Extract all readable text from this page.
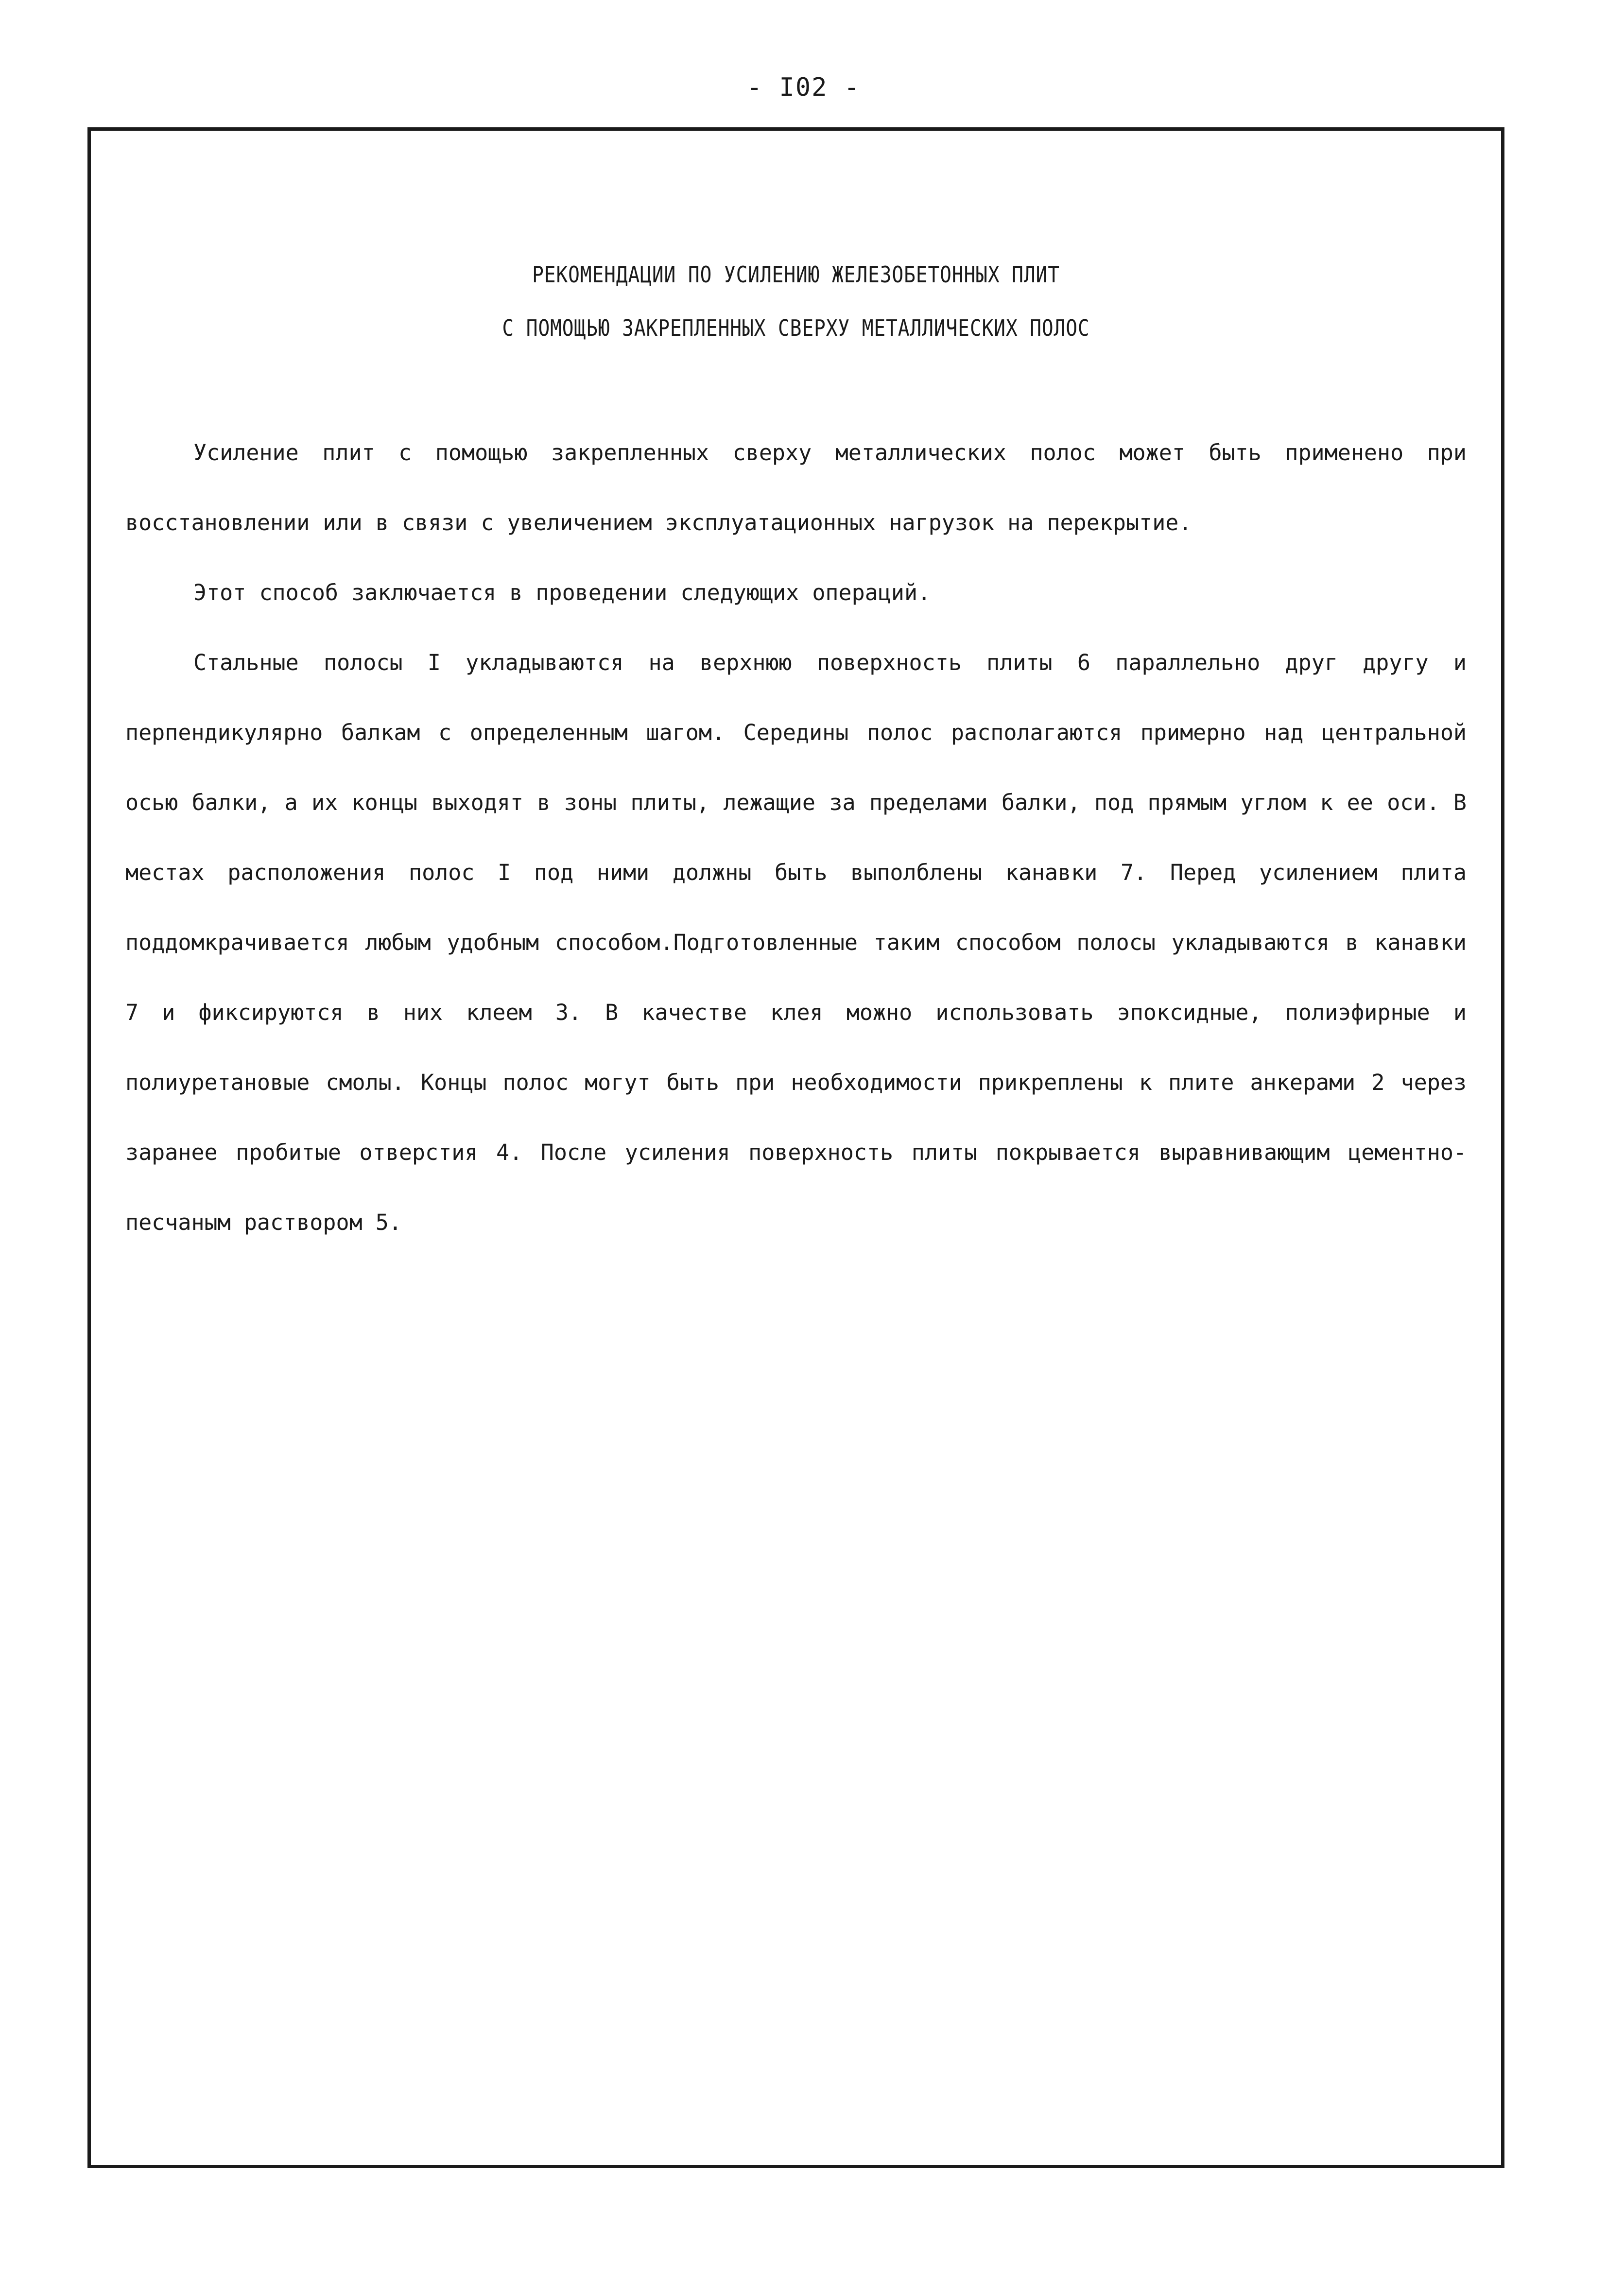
- I02 -
РЕКОМЕНДАЦИИ ПО УСИЛЕНИЮ ЖЕЛЕЗОБЕТОННЫХ ПЛИТ
С ПОМОЩЬЮ ЗАКРЕПЛЕННЫХ СВЕРХУ МЕТАЛЛИЧЕСКИХ ПОЛОС

Усиление плит с помощью закрепленных сверху металлических полос может быть применено при восстановлении или в связи с увеличением эксплуатационных нагрузок на перекрытие.

Этот способ заключается в проведении следующих операций.

Стальные полосы I укладываются на верхнюю поверхность плиты 6 параллельно друг другу и перпендикулярно балкам с определенным шагом. Середины полос располагаются примерно над центральной осью балки, а их концы выходят в зоны плиты, лежащие за пределами балки, под прямым углом к ее оси. В местах расположения полос I под ними должны быть выполблены канавки 7. Перед усилением плита поддомкрачивается любым удобным способом.Подготовленные таким способом полосы укладываются в канавки 7 и фиксируются в них клеем 3. В качестве клея можно использовать эпоксидные, полиэфирные и полиуретановые смолы. Концы полос могут быть при необходимости прикреплены к плите анкерами 2 через заранее пробитые отверстия 4. После усиления поверхность плиты покрывается выравнивающим цементно-песчаным раствором 5.
